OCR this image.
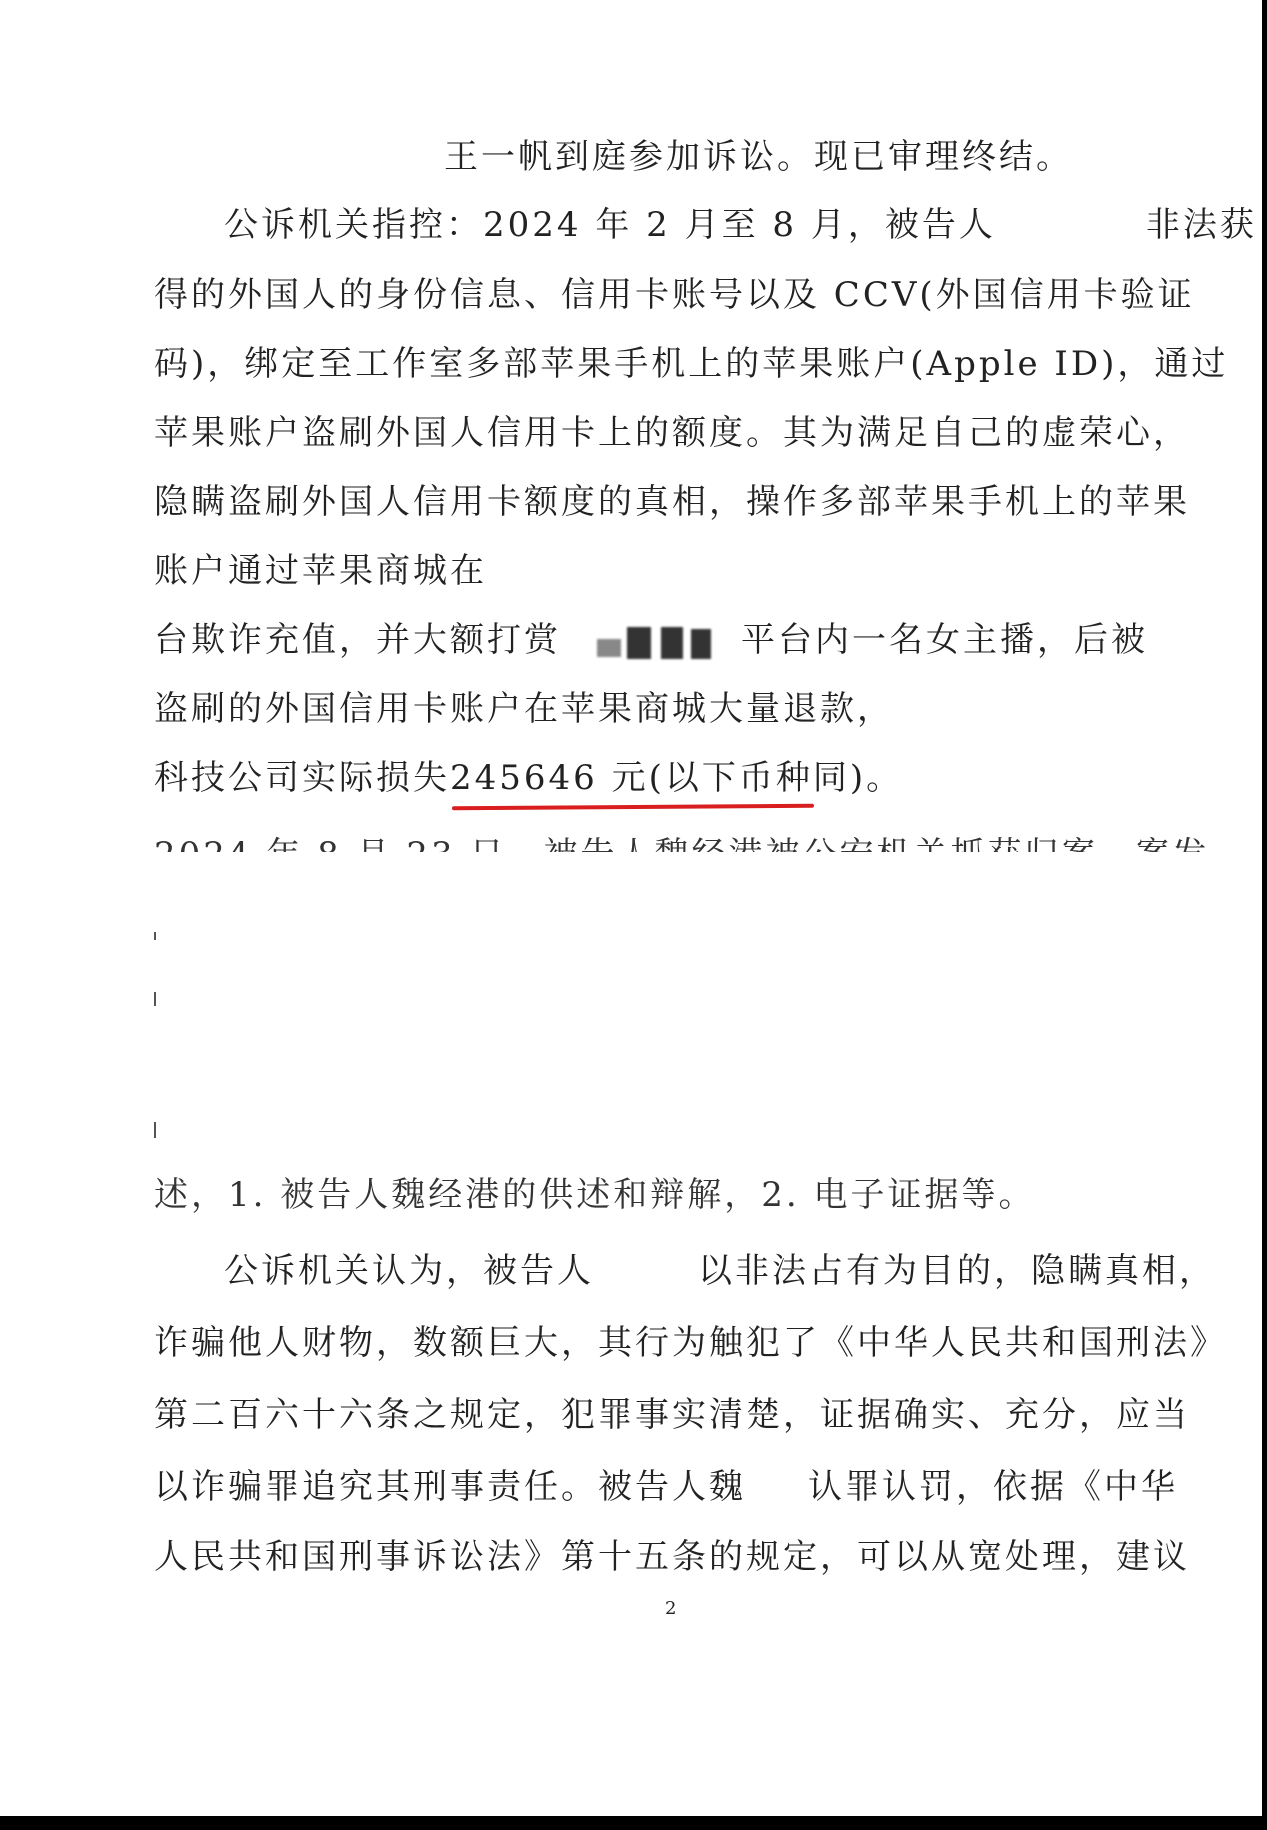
王一帆到庭参加诉讼。现已审理终结。
公诉机关指控：2024 年 2 月至 8 月，被告人	非法获
得的外国人的身份信息、信用卡账号以及 CCV(外国信用卡验证
码)，绑定至工作室多部苹果手机上的苹果账户(Apple ID)，通过
苹果账户盗刷外国人信用卡上的额度。其为满足自己的虚荣心，
隐瞒盗刷外国人信用卡额度的真相，操作多部苹果手机上的苹果
账户通过苹果商城在
台欺诈充值，并大额打赏	平台内一名女主播，后被
盗刷的外国信用卡账户在苹果商城大量退款，
科技公司实际损失245646 元(以下币种同)。
述，1. 被告人魏经港的供述和辩解，2. 电子证据等。
公诉机关认为，被告人	以非法占有为目的，隐瞒真相，
诈骗他人财物，数额巨大，其行为触犯了《中华人民共和国刑法》
第二百六十六条之规定，犯罪事实清楚，证据确实、充分，应当
以诈骗罪追究其刑事责任。被告人魏 认罪认罚，依据《中华
人民共和国刑事诉讼法》第十五条的规定，可以从宽处理，建议
2
